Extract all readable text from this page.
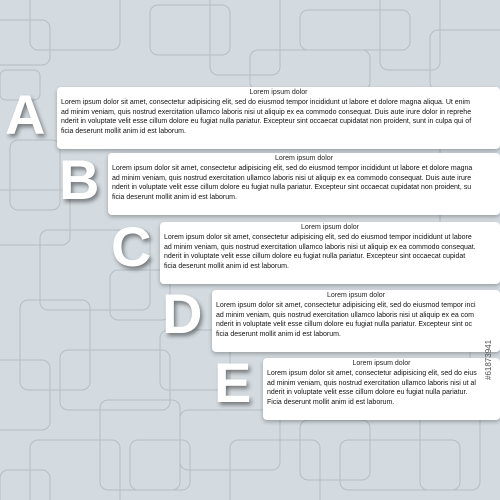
Lorem ipsum dolor
Lorem ipsum dolor sit amet, consectetur adipisicing elit, sed do eiusmod tempor incididunt ut labore et dolore magna aliqua. Ut enim
ad minim veniam, quis nostrud exercitation ullamco laboris nisi ut aliquip ex ea commodo consequat. Duis aute irure dolor in reprehe
nderit in voluptate velit esse cillum dolore eu fugiat nulla pariatur. Excepteur sint occaecat cupidatat non proident, sunt in culpa qui of
ficia deserunt mollit anim id est laborum.
A
Lorem ipsum dolor
Lorem ipsum dolor sit amet, consectetur adipisicing elit, sed do eiusmod tempor incididunt ut labore et dolore magna
ad minim veniam, quis nostrud exercitation ullamco laboris nisi ut aliquip ex ea commodo consequat. Duis aute irure
nderit in voluptate velit esse cillum dolore eu fugiat nulla pariatur. Excepteur sint occaecat cupidatat non proident, su
ficia deserunt mollit anim id est laborum.
B
Lorem ipsum dolor
Lorem ipsum dolor sit amet, consectetur adipisicing elit, sed do eiusmod tempor incididunt ut labore
ad minim veniam, quis nostrud exercitation ullamco laboris nisi ut aliquip ex ea commodo consequat.
nderit in voluptate velit esse cillum dolore eu fugiat nulla pariatur. Excepteur sint occaecat cupidat
ficia deserunt mollit anim id est laborum.
C
Lorem ipsum dolor
Lorem ipsum dolor sit amet, consectetur adipisicing elit, sed do eiusmod tempor inci
ad minim veniam, quis nostrud exercitation ullamco laboris nisi ut aliquip ex ea com
nderit in voluptate velit esse cillum dolore eu fugiat nulla pariatur. Excepteur sint oc
ficia deserunt mollit anim id est laborum.
D
Lorem ipsum dolor
Lorem ipsum dolor sit amet, consectetur adipisicing elit, sed do eius
ad minim veniam, quis nostrud exercitation ullamco laboris nisi ut al
nderit in voluptate velit esse cillum dolore eu fugiat nulla pariatur.
Ficia deserunt mollit anim id est laborum.
E	#61873941
